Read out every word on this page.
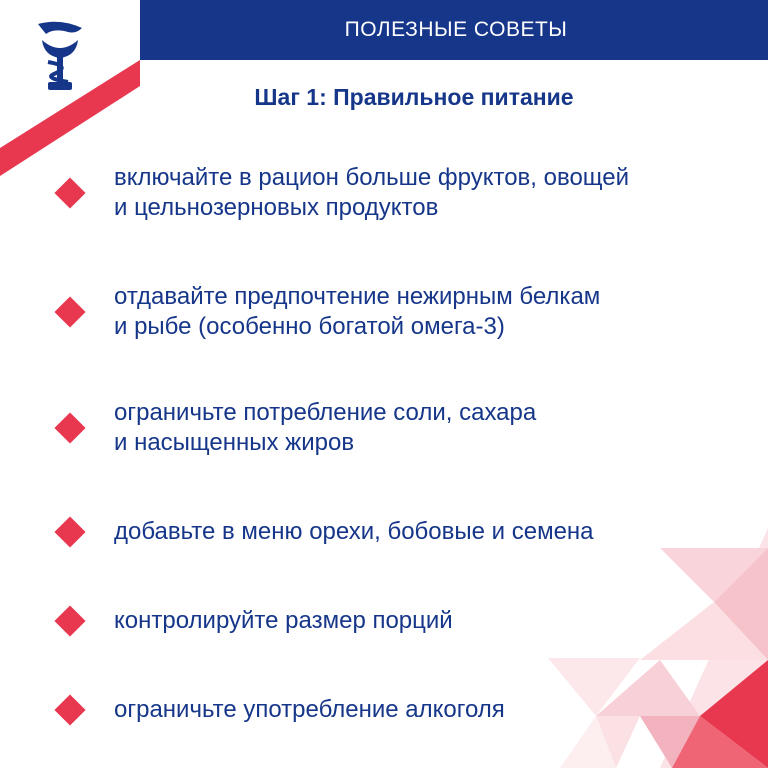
ПОЛЕЗНЫЕ СОВЕТЫ
Шаг 1: Правильное питание
включайте в рацион больше фруктов, овощей
и цельнозерновых продуктов
отдавайте предпочтение нежирным белкам
и рыбе (особенно богатой омега-3)
ограничьте потребление соли, сахара
и насыщенных жиров
добавьте в меню орехи, бобовые и семена
контролируйте размер порций
ограничьте употребление алкоголя
